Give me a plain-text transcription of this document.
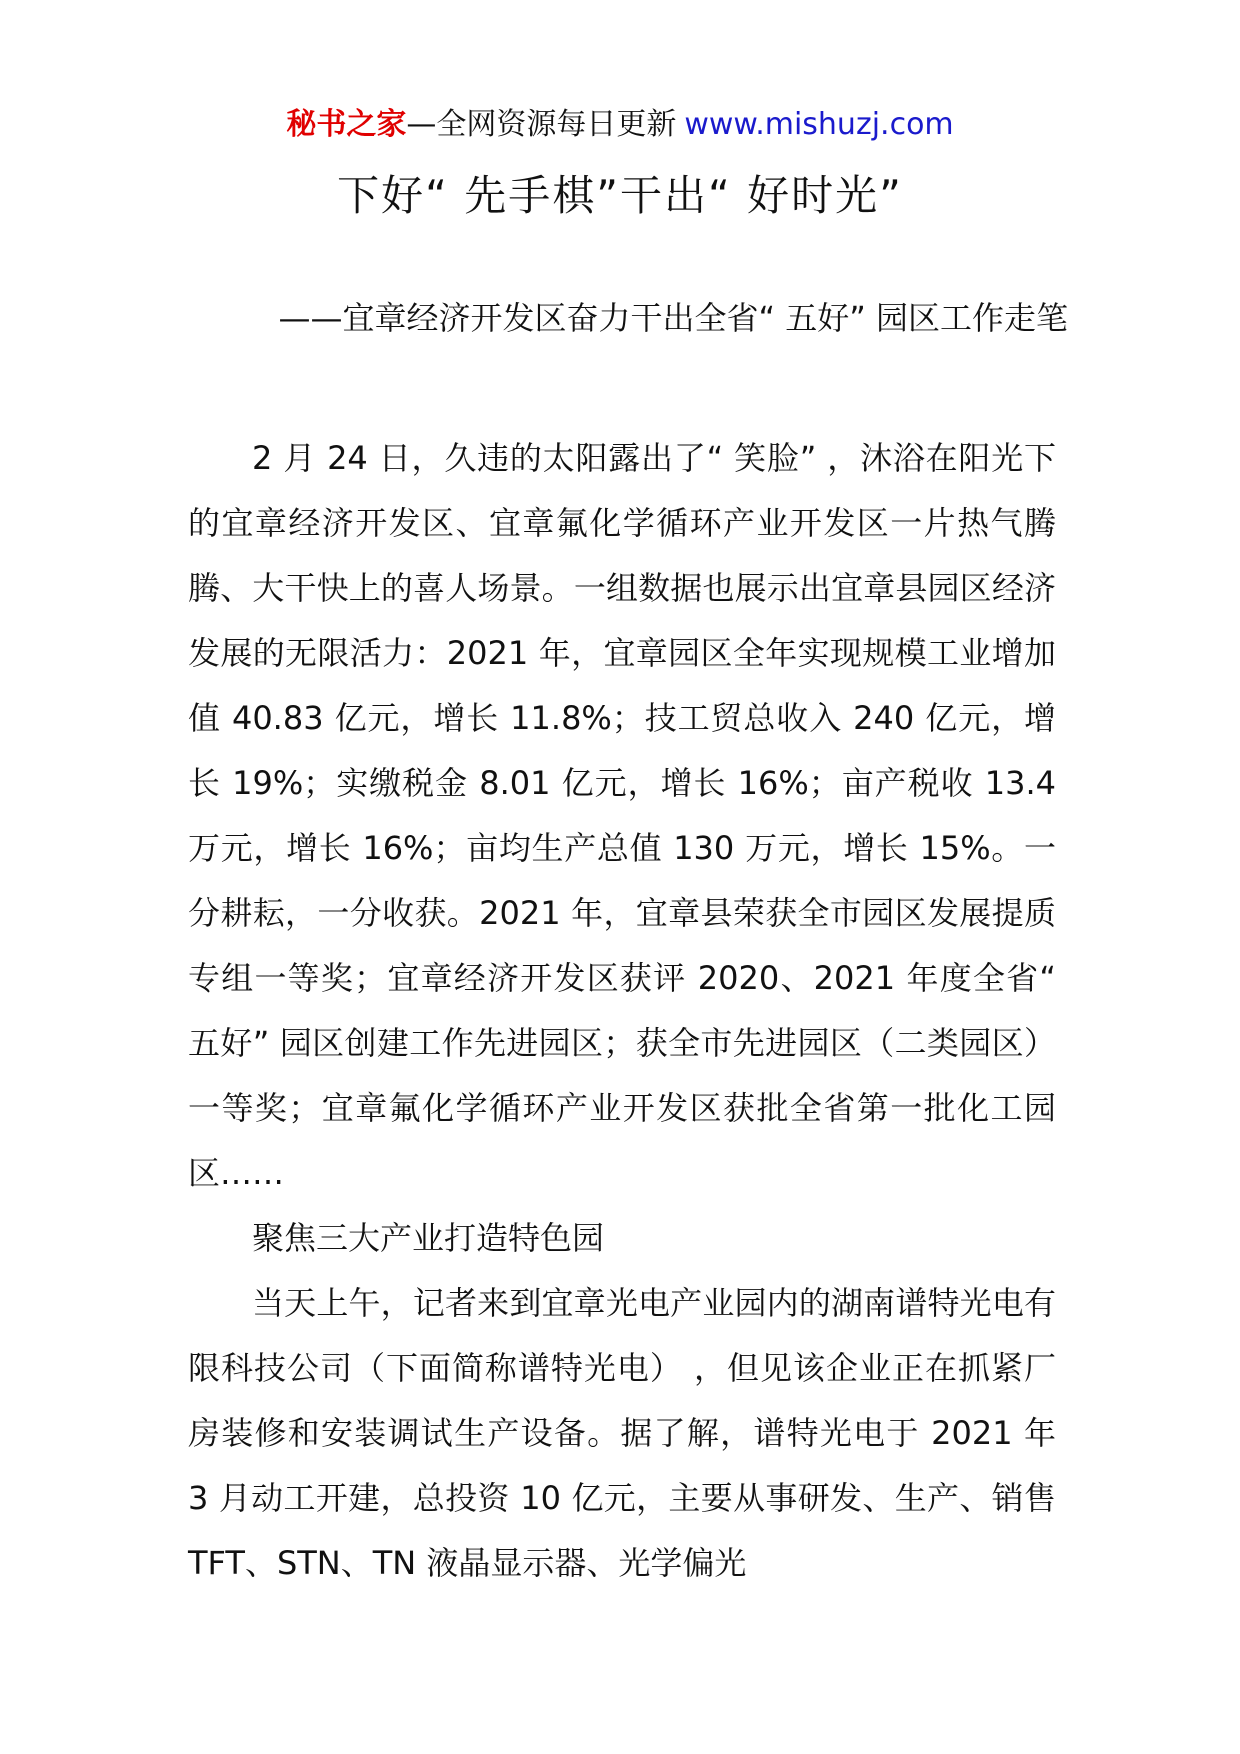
秘书之家—全网资源每日更新 www.mishuzj.com
下好“ 先手棋”干出“ 好时光”
——宜章经济开发区奋力干出全省“ 五好” 园区工作走笔

2 月 24 日，久违的太阳露出了“ 笑脸” ，沐浴在阳光下的宜章经济开发区、宜章氟化学循环产业开发区一片热气腾腾、大干快上的喜人场景。一组数据也展示出宜章县园区经济发展的无限活力：2021 年，宜章园区全年实现规模工业增加值 40.83 亿元，增长 11.8%；技工贸总收入 240 亿元，增长 19%；实缴税金 8.01 亿元，增长 16%；亩产税收 13.4 万元，增长 16%；亩均生产总值 130 万元，增长 15%。一分耕耘，一分收获。2021 年，宜章县荣获全市园区发展提质专组一等奖；宜章经济开发区获评 2020、2021 年度全省“ 五好” 园区创建工作先进园区；获全市先进园区（二类园区）一等奖；宜章氟化学循环产业开发区获批全省第一批化工园区……

聚焦三大产业打造特色园

当天上午，记者来到宜章光电产业园内的湖南谱特光电有限科技公司（下面简称谱特光电） ，但见该企业正在抓紧厂房装修和安装调试生产设备。据了解，谱特光电于 2021 年 3 月动工开建，总投资 10 亿元，主要从事研发、生产、销售 TFT、STN、TN 液晶显示器、光学偏光
